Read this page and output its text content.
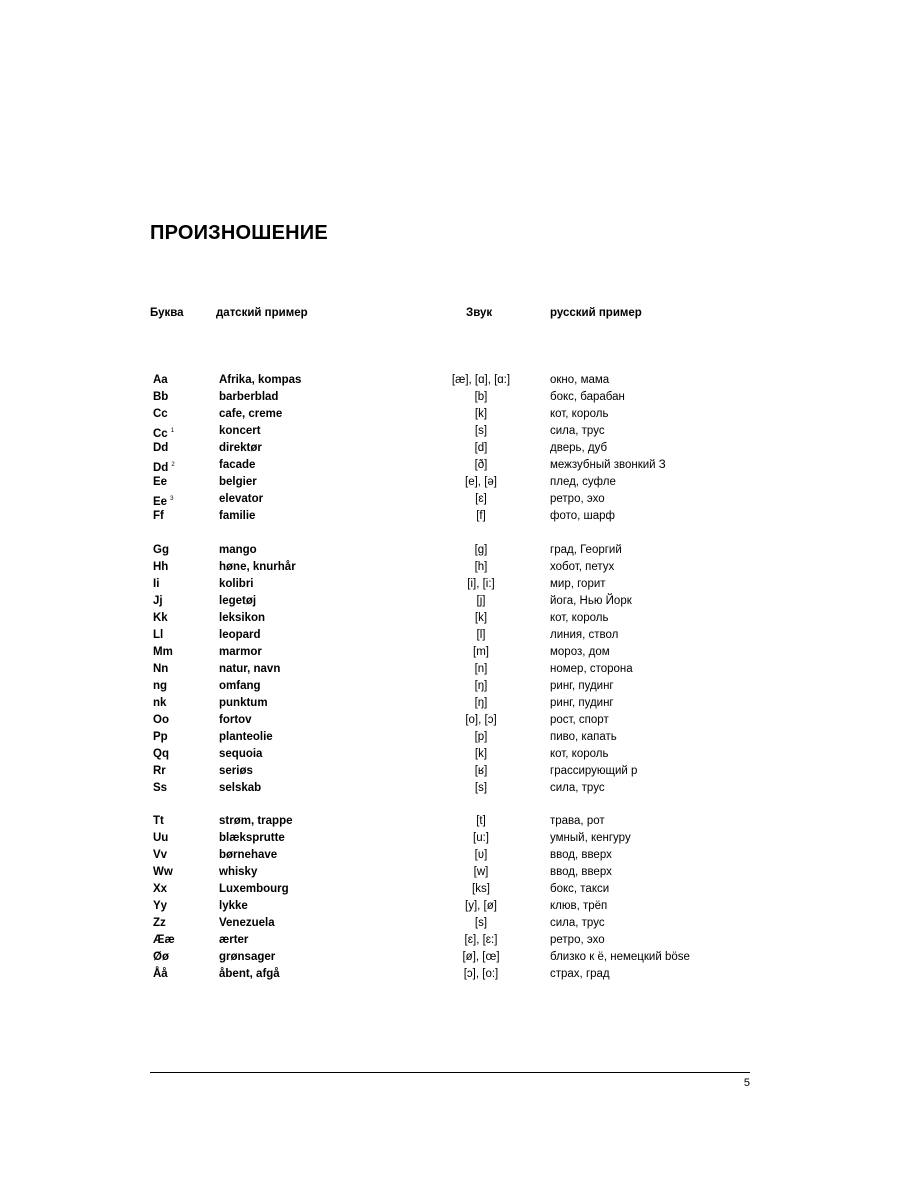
ПРОИЗНОШЕНИЕ
Буква	датский пример	Звук	русский пример
Aa	Afrika, kompas	[æ], [ɑ], [ɑ:]	окно, мама
Bb	barberblad	[b]	бокс, барабан
Cc	cafe, creme	[k]	кот, король
Cc $^1$	koncert	[s]	сила, трус
Dd	direktør	[d]	дверь, дуб
Dd $^2$	facade	[ð]	межзубный звонкий З
Ee	belgier	[e], [ə]	плед, суфле
Ee $^3$	elevator	[ɛ]	ретро, эхо
Ff	familie	[f]	фото, шарф
Gg	mango	[g]	град, Георгий
Hh	høne, knurhår	[h]	хобот, петух
Ii	kolibri	[i], [i:]	мир, горит
Jj	legetøj	[j]	йога, Нью Йорк
Kk	leksikon	[k]	кот, король
Ll	leopard	[l]	линия, ствол
Mm	marmor	[m]	мороз, дом
Nn	natur, navn	[n]	номер, сторона
ng	omfang	[ŋ]	ринг, пудинг
nk	punktum	[ŋ]	ринг, пудинг
Oo	fortov	[o], [ɔ]	рост, спорт
Pp	planteolie	[p]	пиво, капать
Qq	sequoia	[k]	кот, король
Rr	seriøs	[ʁ]	грассирующий р
Ss	selskab	[s]	сила, трус
Tt	strøm, trappe	[t]	трава, рот
Uu	blæksprutte	[u:]	умный, кенгуру
Vv	børnehave	[ʋ]	ввод, вверх
Ww	whisky	[w]	ввод, вверх
Xx	Luxembourg	[ks]	бокс, такси
Yy	lykke	[y], [ø]	клюв, трёп
Zz	Venezuela	[s]	сила, трус
Ææ	ærter	[ɛ], [ɛ:]	ретро, эхо
Øø	grønsager	[ø], [œ]	близко к ё, немецкий böse
Åå	åbent, afgå	[ɔ], [o:]	страх, град
5
